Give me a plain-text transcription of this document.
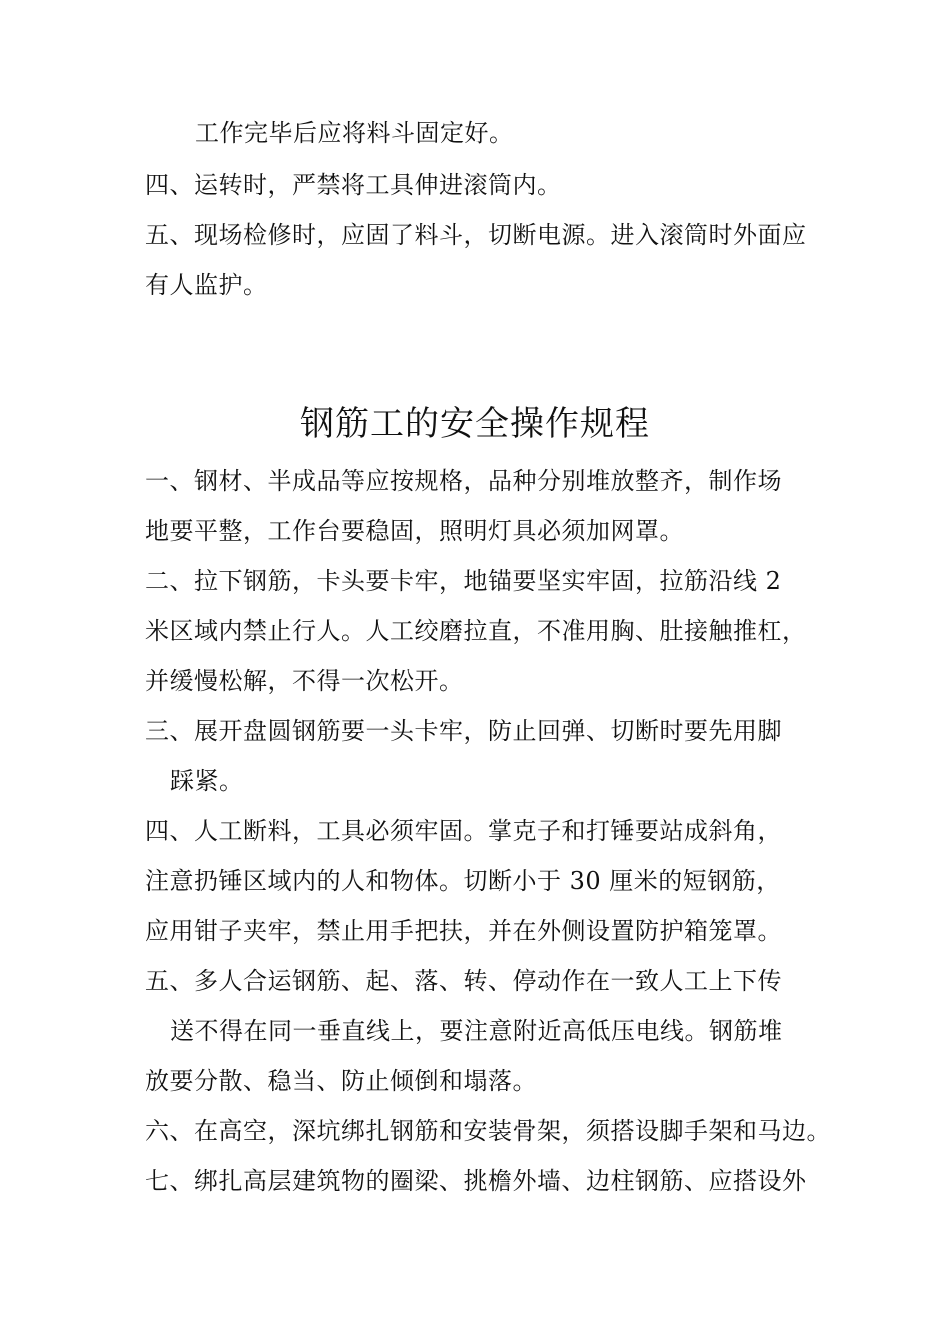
工作完毕后应将料斗固定好。
四、运转时，严禁将工具伸进滚筒内。
五、现场检修时，应固了料斗，切断电源。进入滚筒时外面应
有人监护。
钢筋工的安全操作规程
一、钢材、半成品等应按规格，品种分别堆放整齐，制作场
地要平整，工作台要稳固，照明灯具必须加网罩。
二、拉下钢筋，卡头要卡牢，地锚要坚实牢固，拉筋沿线 2
米区域内禁止行人。人工绞磨拉直，不准用胸、肚接触推杠，
并缓慢松解，不得一次松开。
三、展开盘圆钢筋要一头卡牢，防止回弹、切断时要先用脚
踩紧。
四、人工断料，工具必须牢固。掌克子和打锤要站成斜角，
注意扔锤区域内的人和物体。切断小于 30 厘米的短钢筋，
应用钳子夹牢，禁止用手把扶，并在外侧设置防护箱笼罩。
五、多人合运钢筋、起、落、转、停动作在一致人工上下传
送不得在同一垂直线上，要注意附近高低压电线。钢筋堆
放要分散、稳当、防止倾倒和塌落。
六、在高空，深坑绑扎钢筋和安装骨架，须搭设脚手架和马边。
七、绑扎高层建筑物的圈梁、挑檐外墙、边柱钢筋、应搭设外
